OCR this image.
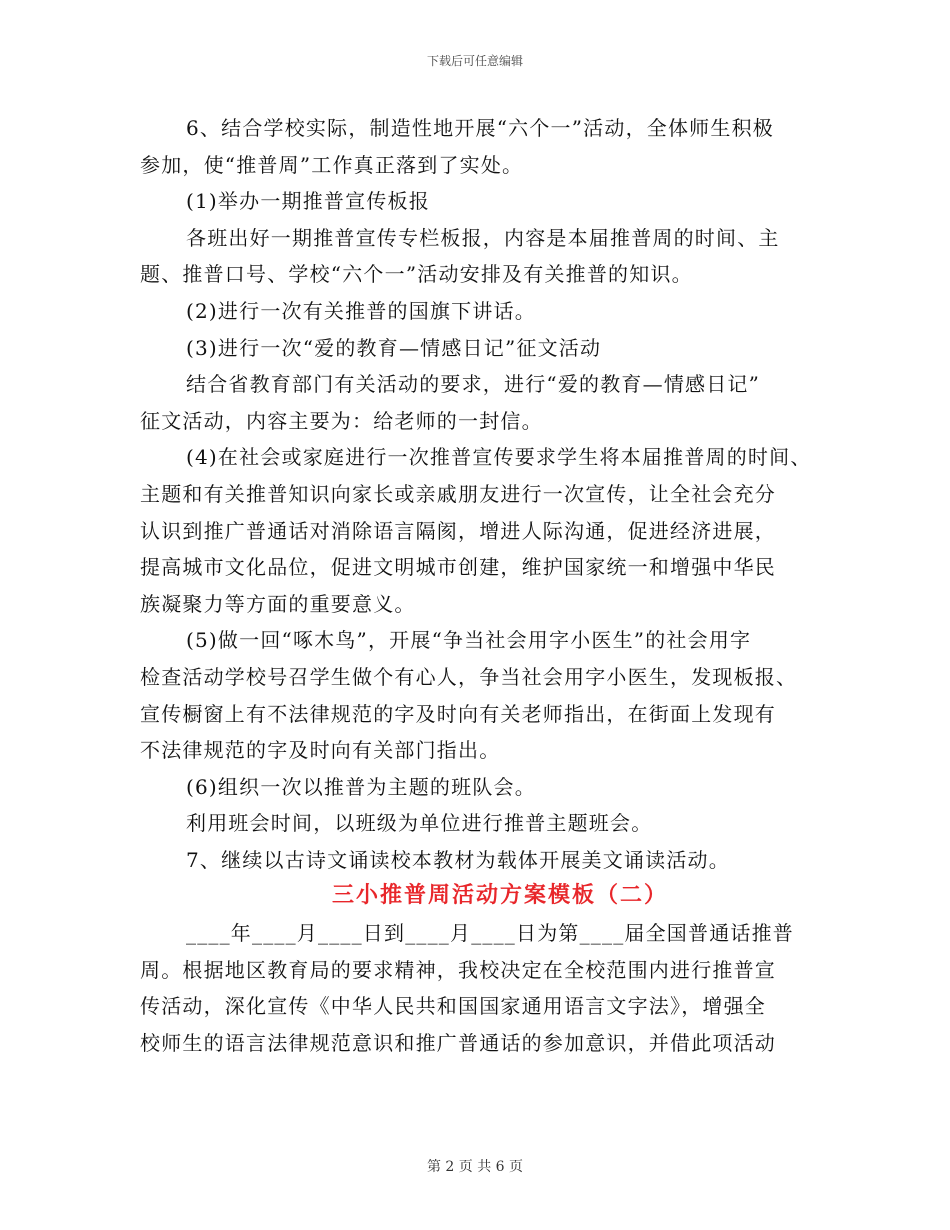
下载后可任意编辑
6、结合学校实际，制造性地开展“六个一”活动，全体师生积极
参加，使“推普周”工作真正落到了实处。
(1)举办一期推普宣传板报
各班出好一期推普宣传专栏板报，内容是本届推普周的时间、主
题、推普口号、学校“六个一”活动安排及有关推普的知识。
(2)进行一次有关推普的国旗下讲话。
(3)进行一次“爱的教育—情感日记”征文活动
结合省教育部门有关活动的要求，进行“爱的教育—情感日记”
征文活动，内容主要为：给老师的一封信。
(4)在社会或家庭进行一次推普宣传要求学生将本届推普周的时间、
主题和有关推普知识向家长或亲戚朋友进行一次宣传，让全社会充分
认识到推广普通话对消除语言隔阂，增进人际沟通，促进经济进展，
提高城市文化品位，促进文明城市创建，维护国家统一和增强中华民
族凝聚力等方面的重要意义。
(5)做一回“啄木鸟”，开展“争当社会用字小医生”的社会用字
检查活动学校号召学生做个有心人，争当社会用字小医生，发现板报、
宣传橱窗上有不法律规范的字及时向有关老师指出，在街面上发现有
不法律规范的字及时向有关部门指出。
(6)组织一次以推普为主题的班队会。
利用班会时间，以班级为单位进行推普主题班会。
7、继续以古诗文诵读校本教材为载体开展美文诵读活动。
三小推普周活动方案模板（二）
____年____月____日到____月____日为第____届全国普通话推普
周。根据地区教育局的要求精神，我校决定在全校范围内进行推普宣
传活动，深化宣传《中华人民共和国国家通用语言文字法》，增强全
校师生的语言法律规范意识和推广普通话的参加意识，并借此项活动
第 2 页 共 6 页
